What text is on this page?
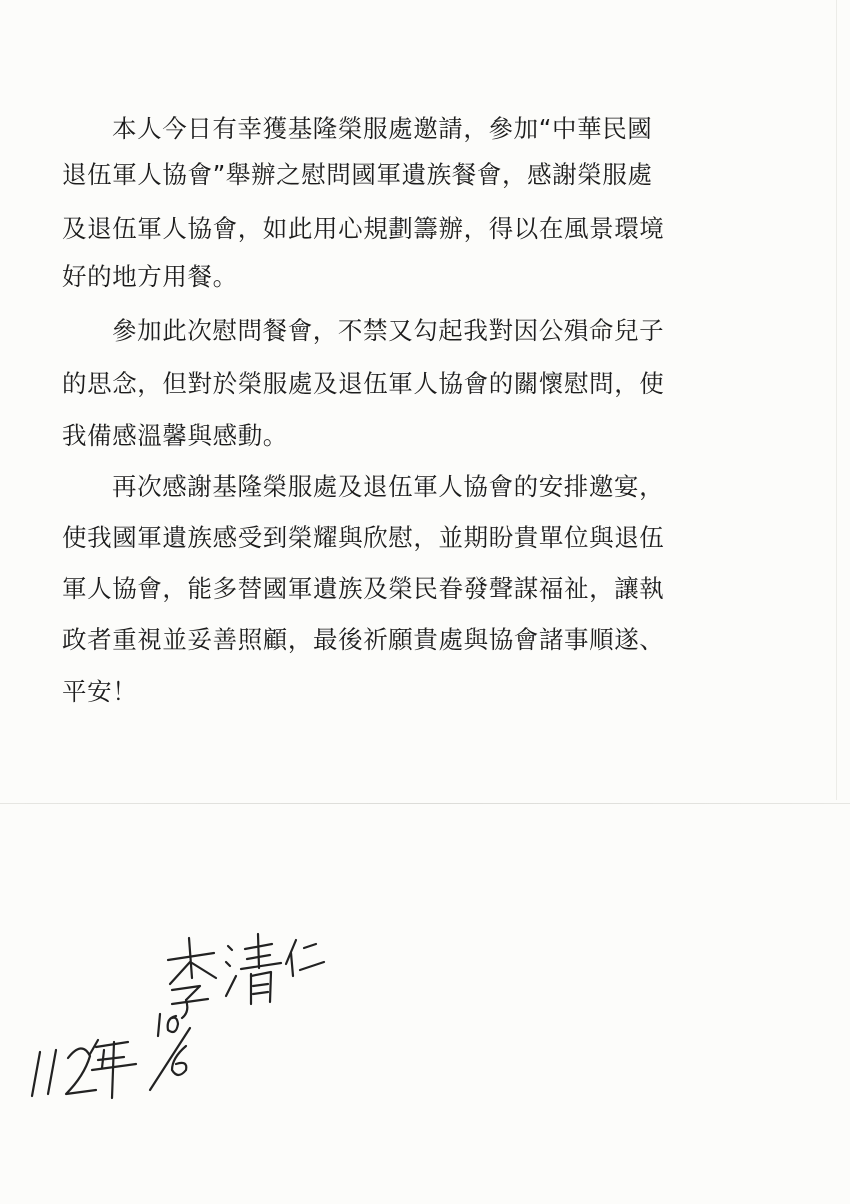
本人今日有幸獲基隆榮服處邀請，參加“中華民國
退伍軍人協會”舉辦之慰問國軍遺族餐會，感謝榮服處
及退伍軍人協會，如此用心規劃籌辦，得以在風景環境
好的地方用餐。
參加此次慰問餐會，不禁又勾起我對因公殞命兒子
的思念，但對於榮服處及退伍軍人協會的關懷慰問，使
我備感溫馨與感動。
再次感謝基隆榮服處及退伍軍人協會的安排邀宴，
使我國軍遺族感受到榮耀與欣慰，並期盼貴單位與退伍
軍人協會，能多替國軍遺族及榮民眷發聲謀福祉，讓執
政者重視並妥善照顧，最後祈願貴處與協會諸事順遂、
平安！
